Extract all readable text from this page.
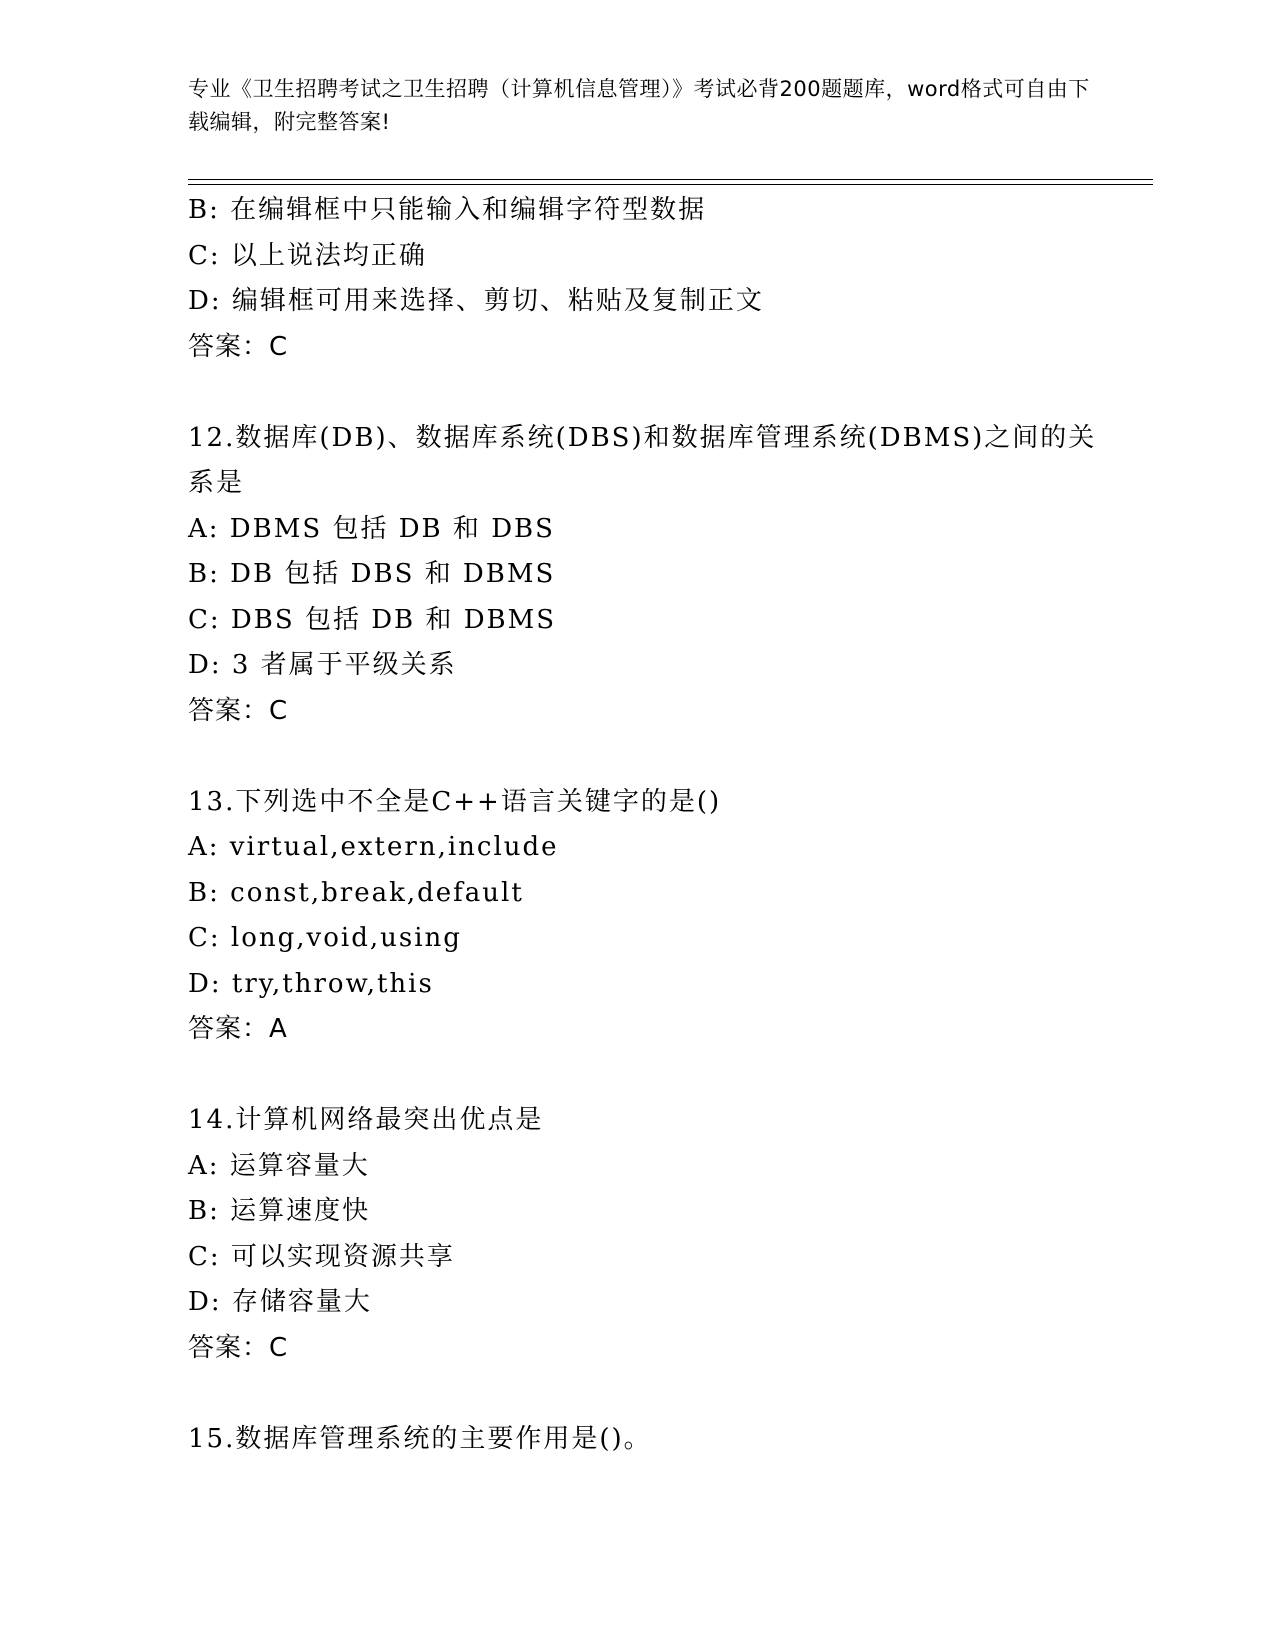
专业《卫生招聘考试之卫生招聘（计算机信息管理）》考试必背200题题库，word格式可自由下载编辑，附完整答案!
B: 在编辑框中只能输入和编辑字符型数据
C: 以上说法均正确
D: 编辑框可用来选择、剪切、粘贴及复制正文
答案：C
12.数据库(DB)、数据库系统(DBS)和数据库管理系统(DBMS)之间的关系是
A: DBMS 包括 DB 和 DBS
B: DB 包括 DBS 和 DBMS
C: DBS 包括 DB 和 DBMS
D: 3 者属于平级关系
答案：C
13.下列选中不全是C++语言关键字的是()
A: virtual,extern,include
B: const,break,default
C: long,void,using
D: try,throw,this
答案：A
14.计算机网络最突出优点是
A: 运算容量大
B: 运算速度快
C: 可以实现资源共享
D: 存储容量大
答案：C
15.数据库管理系统的主要作用是()。
